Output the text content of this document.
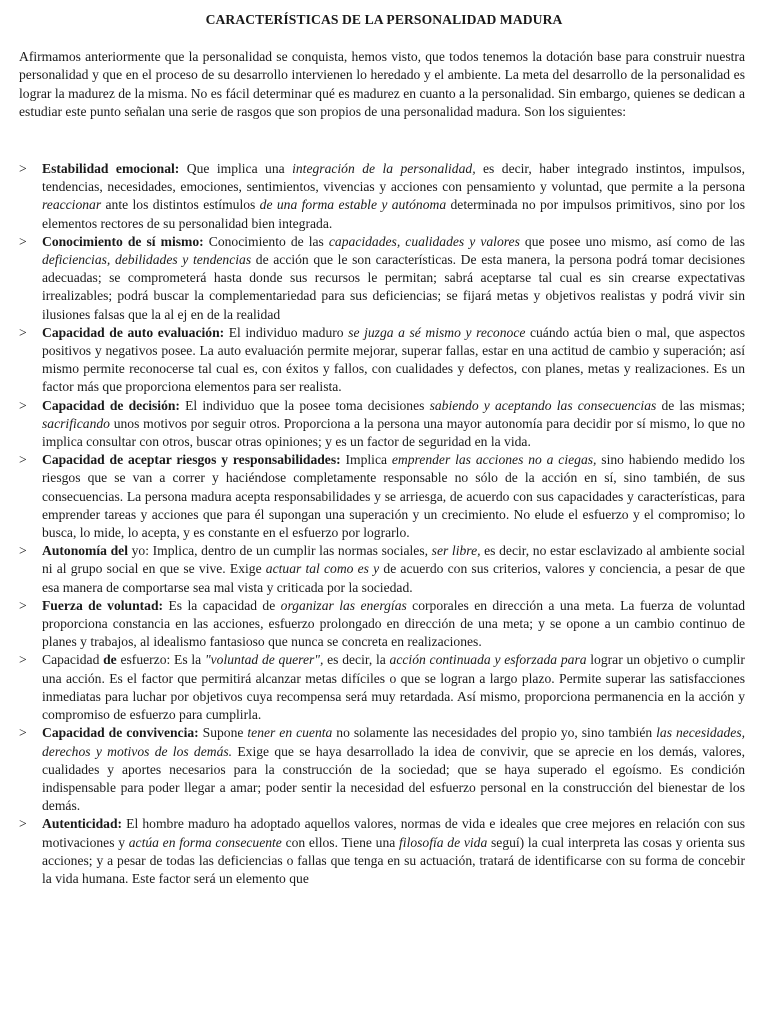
CARACTERÍSTICAS DE LA PERSONALIDAD MADURA

Afirmamos anteriormente que la personalidad se conquista, hemos visto, que todos tenemos la dotación base para construir nuestra personalidad y que en el proceso de su desarrollo intervienen lo heredado y el ambiente. La meta del desarrollo de la personalidad es lograr la madurez de la misma. No es fácil determinar qué es madurez en cuanto a la personalidad. Sin embargo, quienes se dedican a estudiar este punto señalan una serie de rasgos que son propios de una personalidad madura. Son los siguientes:

> Estabilidad emocional: Que implica una integración de la personalidad, es decir, haber integrado instintos, impulsos, tendencias, necesidades, emociones, sentimientos, vivencias y acciones con pensamiento y voluntad, que permite a la persona reaccionar ante los distintos estímulos de una forma estable y autónoma determinada no por impulsos primitivos, sino por los elementos rectores de su personalidad bien integrada.
> Conocimiento de sí mismo: Conocimiento de las capacidades, cualidades y valores que posee uno mismo, así como de las deficiencias, debilidades y tendencias de acción que le son características. De esta manera, la persona podrá tomar decisiones adecuadas; se comprometerá hasta donde sus recursos le permitan; sabrá aceptarse tal cual es sin crearse expectativas irrealizables; podrá buscar la complementariedad para sus deficiencias; se fijará metas y objetivos realistas y podrá vivir sin ilusiones falsas que la al ej en de la realidad
> Capacidad de auto evaluación: El individuo maduro se juzga a sé mismo y reconoce cuándo actúa bien o mal, que aspectos positivos y negativos posee. La auto evaluación permite mejorar, superar fallas, estar en una actitud de cambio y superación; así mismo permite reconocerse tal cual es, con éxitos y fallos, con cualidades y defectos, con planes, metas y realizaciones. Es un factor más que proporciona elementos para ser realista.
> Capacidad de decisión: El individuo que la posee toma decisiones sabiendo y aceptando las consecuencias de las mismas; sacrificando unos motivos por seguir otros. Proporciona a la persona una mayor autonomía para decidir por sí mismo, lo que no implica consultar con otros, buscar otras opiniones; y es un factor de seguridad en la vida.
> Capacidad de aceptar riesgos y responsabilidades: Implica emprender las acciones no a ciegas, sino habiendo medido los riesgos que se van a correr y haciéndose completamente responsable no sólo de la acción en sí, sino también, de sus consecuencias. La persona madura acepta responsabilidades y se arriesga, de acuerdo con sus capacidades y características, para emprender tareas y acciones que para él supongan una superación y un crecimiento. No elude el esfuerzo y el compromiso; lo busca, lo mide, lo acepta, y es constante en el esfuerzo por lograrlo.
> Autonomía del yo: Implica, dentro de un cumplir las normas sociales, ser libre, es decir, no estar esclavizado al ambiente social ni al grupo social en que se vive. Exige actuar tal como es y de acuerdo con sus criterios, valores y conciencia, a pesar de que esa manera de comportarse sea mal vista y criticada por la sociedad.
> Fuerza de voluntad: Es la capacidad de organizar las energías corporales en dirección a una meta. La fuerza de voluntad proporciona constancia en las acciones, esfuerzo prolongado en dirección de una meta; y se opone a un cambio continuo de planes y trabajos, al idealismo fantasioso que nunca se concreta en realizaciones.
> Capacidad de esfuerzo: Es la "voluntad de querer", es decir, la acción continuada y esforzada para lograr un objetivo o cumplir una acción. Es el factor que permitirá alcanzar metas difíciles o que se logran a largo plazo. Permite superar las satisfacciones inmediatas para luchar por objetivos cuya recompensa será muy retardada. Así mismo, proporciona permanencia en la acción y compromiso de esfuerzo para cumplirla.
> Capacidad de convivencia: Supone tener en cuenta no solamente las necesidades del propio yo, sino también las necesidades, derechos y motivos de los demás. Exige que se haya desarrollado la idea de convivir, que se aprecie en los demás, valores, cualidades y aportes necesarios para la construcción de la sociedad; que se haya superado el egoísmo. Es condición indispensable para poder llegar a amar; poder sentir la necesidad del esfuerzo personal en la construcción del bienestar de los demás.
> Autenticidad: El hombre maduro ha adoptado aquellos valores, normas de vida e ideales que cree mejores en relación con sus motivaciones y actúa en forma consecuente con ellos. Tiene una filosofía de vida seguí) la cual interpreta las cosas y orienta sus acciones; y a pesar de todas las deficiencias o fallas que tenga en su actuación, tratará de identificarse con su forma de concebir la vida humana. Este factor será un elemento que
